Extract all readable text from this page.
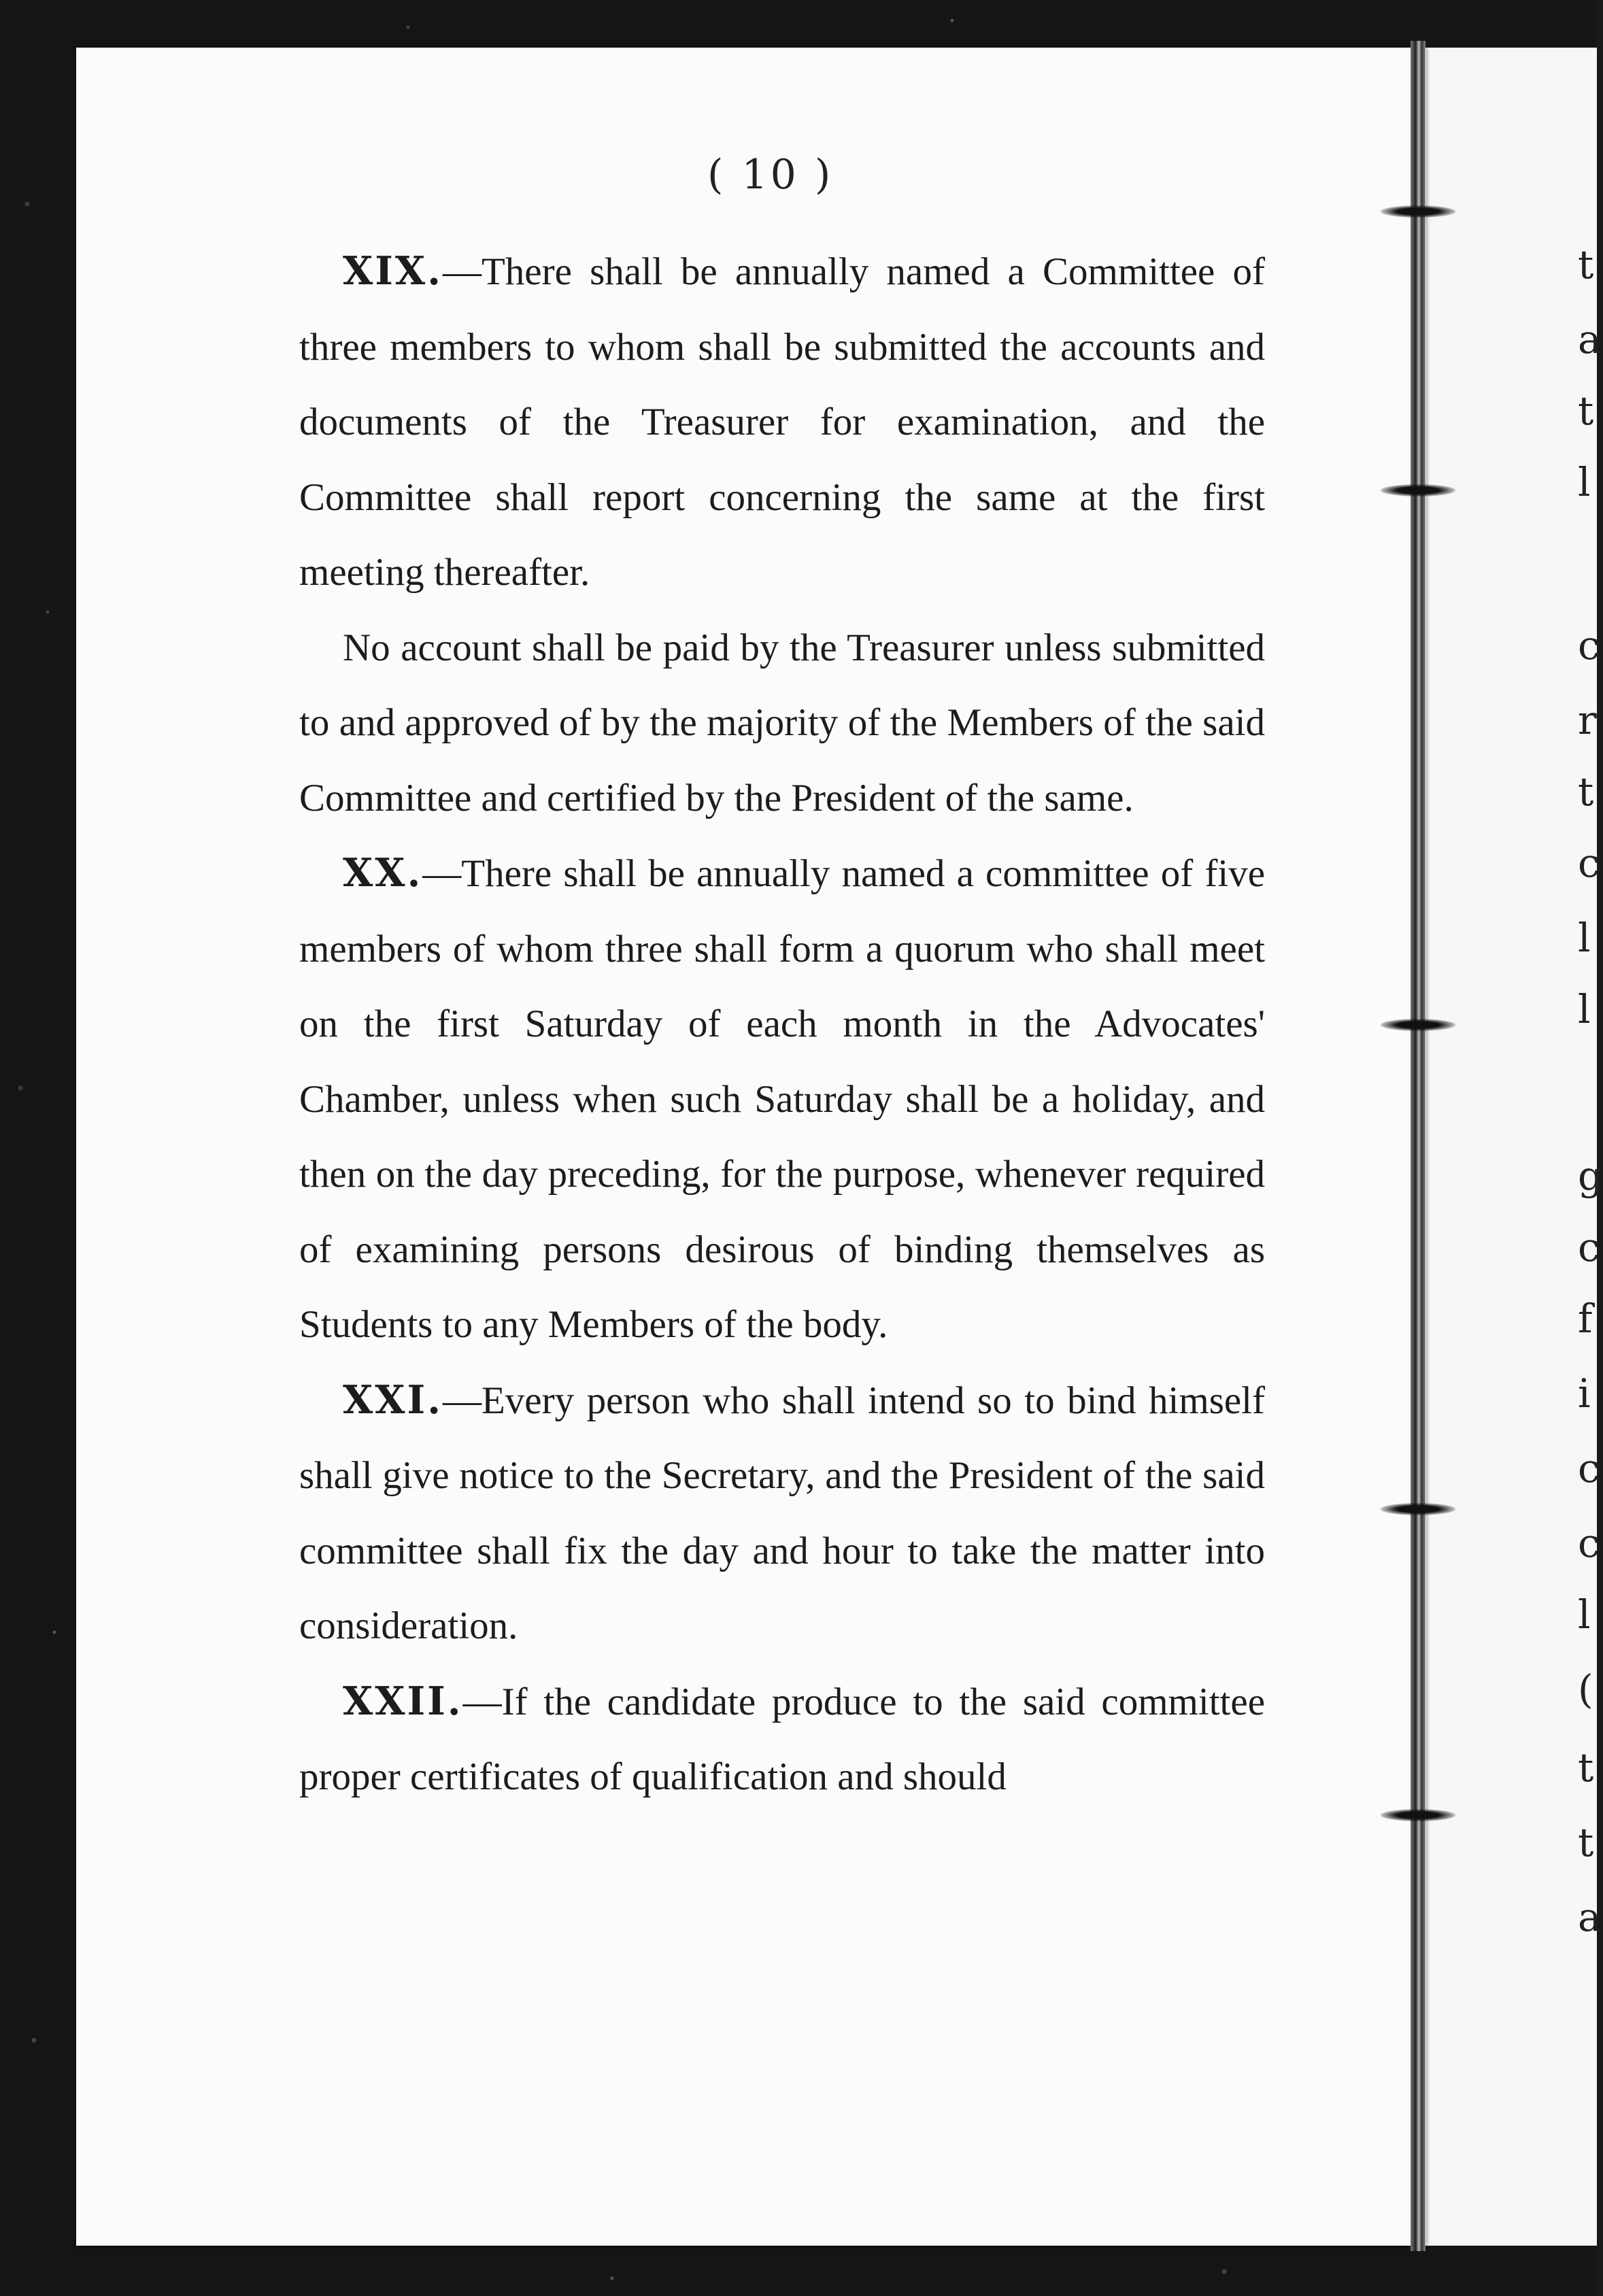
t
a
t
l
c
r
t
c
l
l
g
c
f
i
c
c
l
(
t
t
a
( 10 )

XIX.—There shall be annually named a Committee of three members to whom shall be submitted the accounts and documents of the Treasurer for examination, and the Committee shall report concerning the same at the first meeting thereafter.

No account shall be paid by the Treasurer unless submitted to and approved of by the majority of the Members of the said Committee and certified by the President of the same.

XX.—There shall be annually named a committee of five members of whom three shall form a quorum who shall meet on the first Saturday of each month in the Advocates' Chamber, unless when such Saturday shall be a holiday, and then on the day preceding, for the purpose, whenever required of examining persons desirous of binding themselves as Students to any Members of the body.

XXI.—Every person who shall intend so to bind himself shall give notice to the Secretary, and the President of the said committee shall fix the day and hour to take the matter into consideration.

XXII.—If the candidate produce to the said committee proper certificates of qualification and should
